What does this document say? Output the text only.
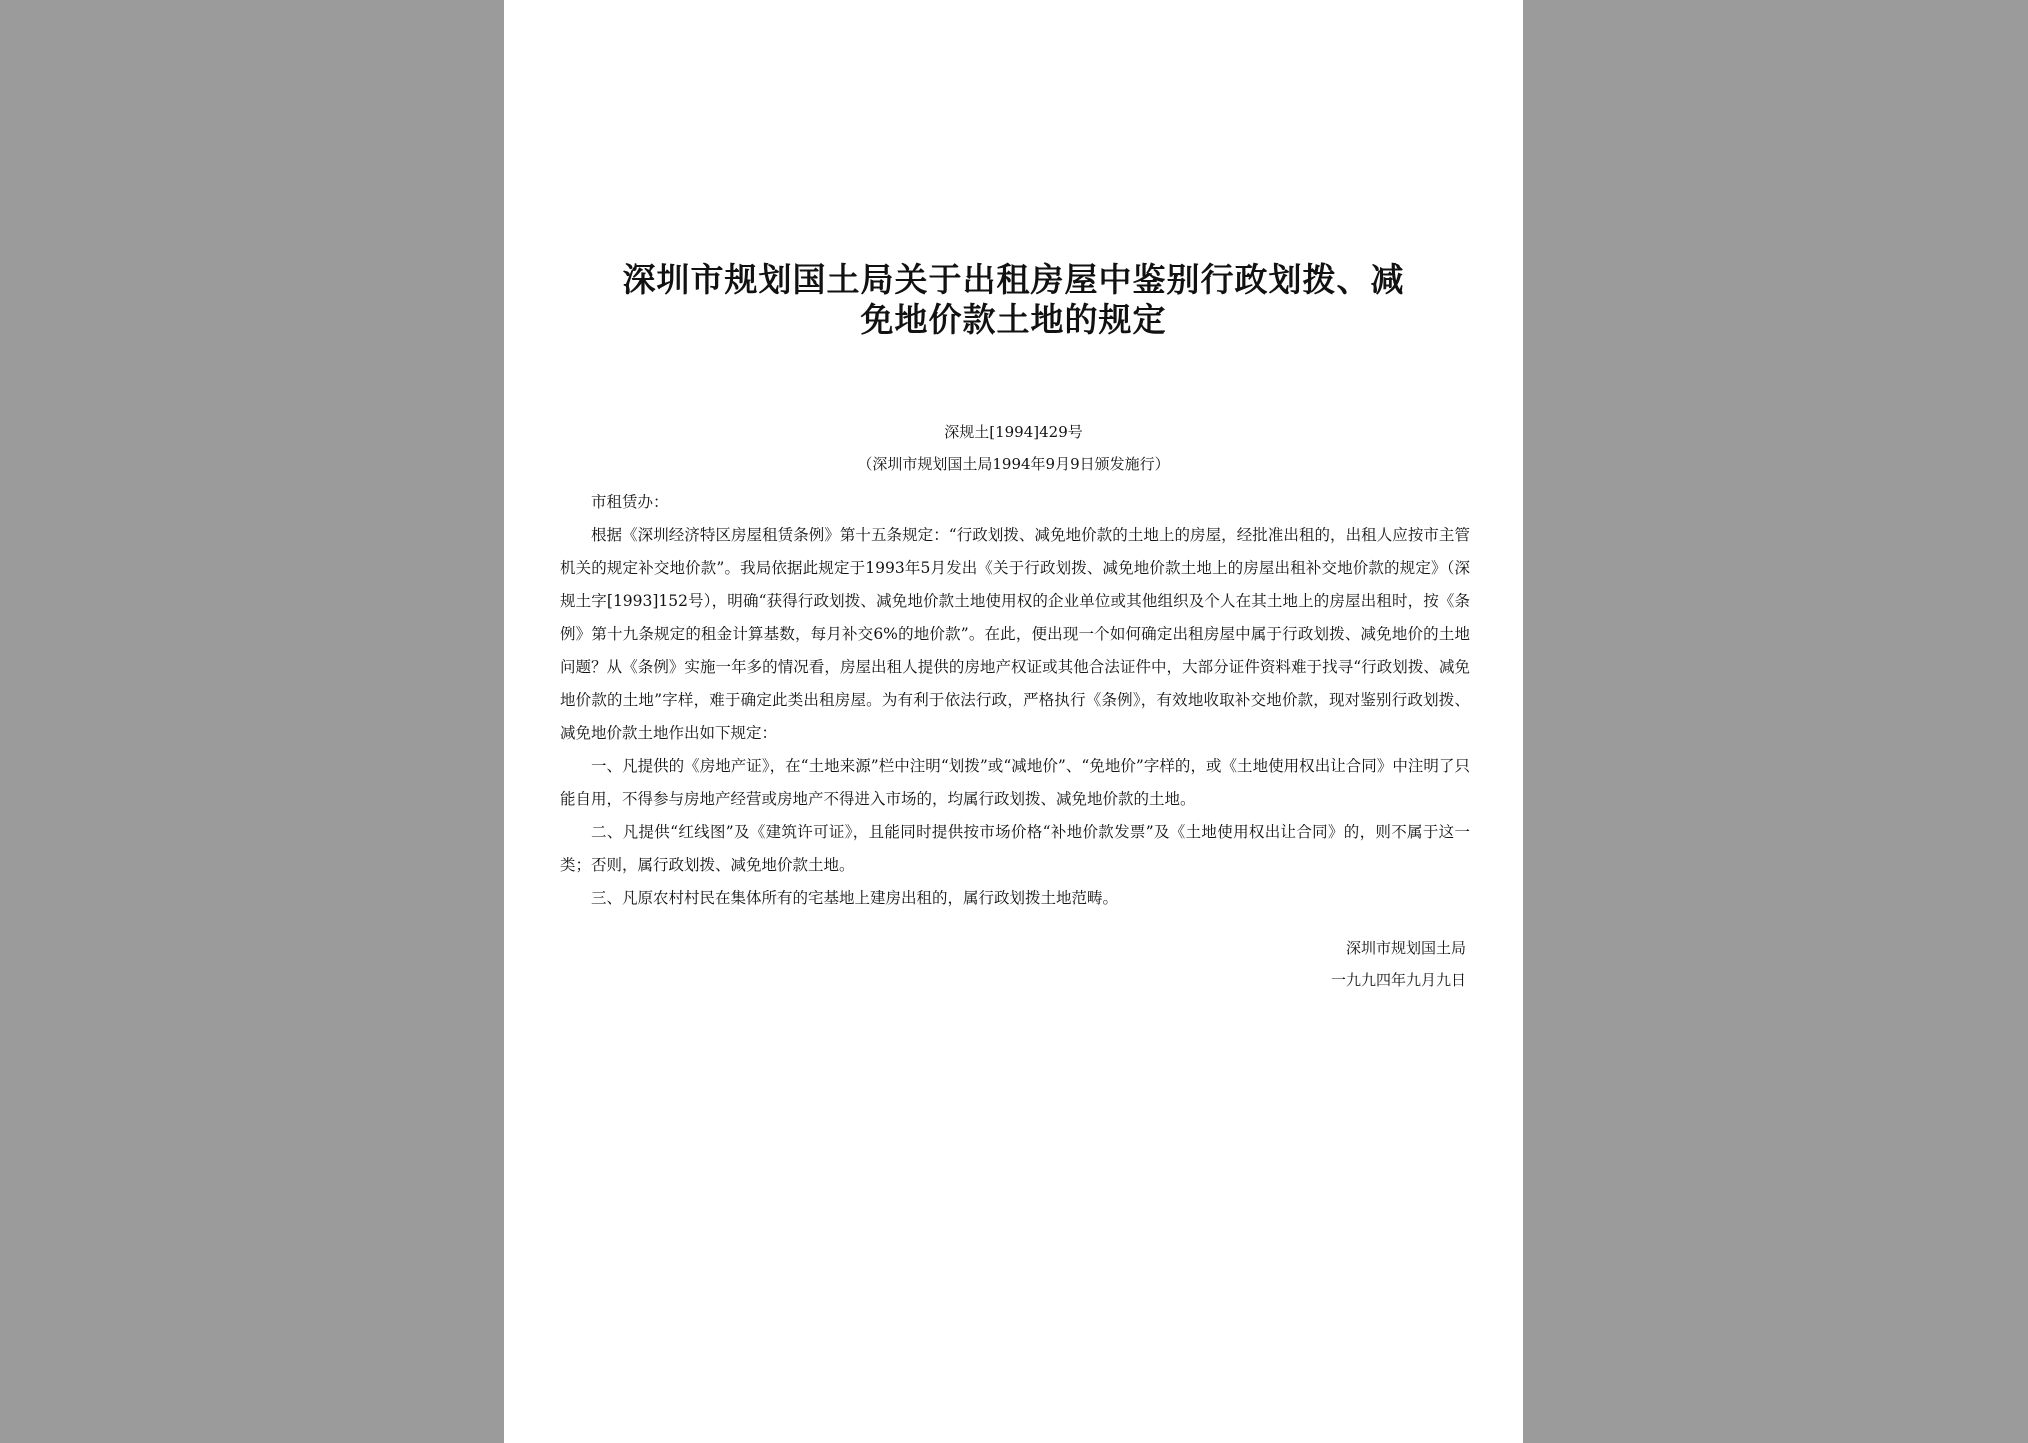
深圳市规划国土局关于出租房屋中鉴别行政划拨、减
免地价款土地的规定
深规土[1994]429号
（深圳市规划国土局1994年9月9日颁发施行）

市租赁办：

根据《深圳经济特区房屋租赁条例》第十五条规定：“行政划拨、减免地价款的土地上的房屋，经批准出租的，出租人应按市主管机关的规定补交地价款”。我局依据此规定于1993年5月发出《关于行政划拨、减免地价款土地上的房屋出租补交地价款的规定》（深规土字[1993]152号），明确“获得行政划拨、减免地价款土地使用权的企业单位或其他组织及个人在其土地上的房屋出租时，按《条例》第十九条规定的租金计算基数，每月补交6%的地价款”。在此，便出现一个如何确定出租房屋中属于行政划拨、减免地价的土地问题？从《条例》实施一年多的情况看，房屋出租人提供的房地产权证或其他合法证件中，大部分证件资料难于找寻“行政划拨、减免地价款的土地”字样，难于确定此类出租房屋。为有利于依法行政，严格执行《条例》，有效地收取补交地价款，现对鉴别行政划拨、减免地价款土地作出如下规定：

一、凡提供的《房地产证》，在“土地来源”栏中注明“划拨”或“减地价”、“免地价”字样的，或《土地使用权出让合同》中注明了只能自用，不得参与房地产经营或房地产不得进入市场的，均属行政划拨、减免地价款的土地。

二、凡提供“红线图”及《建筑许可证》，且能同时提供按市场价格“补地价款发票”及《土地使用权出让合同》的，则不属于这一类；否则，属行政划拨、减免地价款土地。

三、凡原农村村民在集体所有的宅基地上建房出租的，属行政划拨土地范畴。

深圳市规划国土局
一九九四年九月九日
